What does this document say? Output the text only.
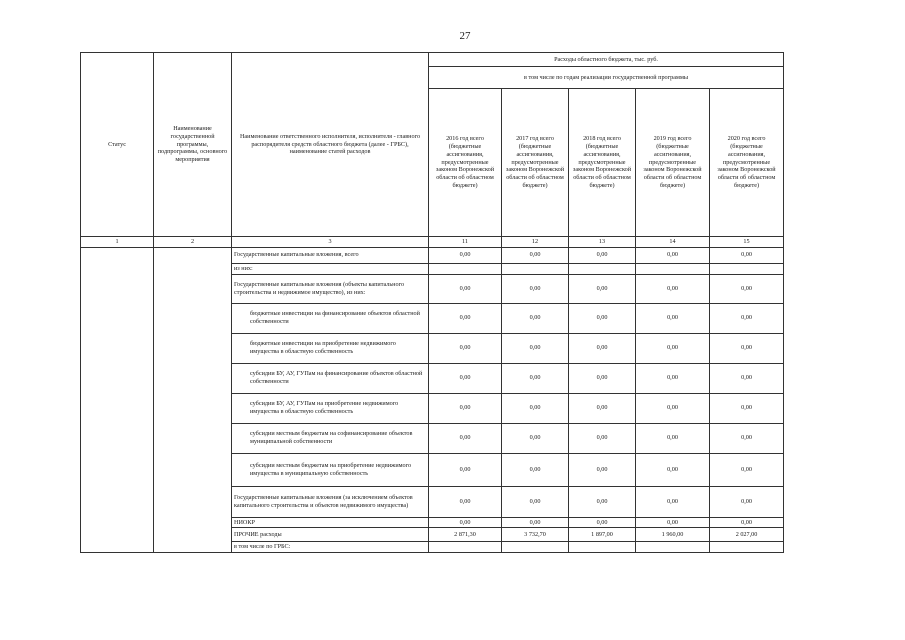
27
Статус	Наименование государственной программы, подпрограммы, основного мероприятия	Наименование ответственного исполнителя, исполнителя - главного распорядителя средств областного бюджета (далее - ГРБС), наименование статей расходов	Расходы областного бюджета, тыс. руб.				
			в том числе по годам реализации государственной программы				
			2016 год всего (бюджетные ассигнования, предусмотренные законом Воронежской области об областном бюджете)	2017 год всего (бюджетные ассигнования, предусмотренные законом Воронежской области об областном бюджете)	2018 год всего (бюджетные ассигнования, предусмотренные законом Воронежской области об областном бюджете)	2019 год всего (бюджетные ассигнования, предусмотренные законом Воронежской области об областном бюджете)	2020 год всего (бюджетные ассигнования, предусмотренные законом Воронежской области об областном бюджете)
1	2	3	11	12	13	14	15
		Государственные капитальные вложения, всего	0,00	0,00	0,00	0,00	0,00
		из них:					
		Государственные капитальные вложения (объекты капитального строительства и недвижимое имущество), из них:	0,00	0,00	0,00	0,00	0,00
		бюджетные инвестиции на финансирование объектов областной собственности	0,00	0,00	0,00	0,00	0,00
		бюджетные инвестиции на приобретение недвижимого имущества в областную собственность	0,00	0,00	0,00	0,00	0,00
		субсидии БУ, АУ, ГУПам на финансирование объектов областной собственности	0,00	0,00	0,00	0,00	0,00
		субсидии БУ, АУ, ГУПам на приобретение недвижимого имущества в областную собственность	0,00	0,00	0,00	0,00	0,00
		субсидии местным бюджетам на софинансирование объектов муниципальной собственности	0,00	0,00	0,00	0,00	0,00
		субсидии местным бюджетам на приобретение недвижимого имущества в муниципальную собственность	0,00	0,00	0,00	0,00	0,00
		Государственные капитальные вложения (за исключением объектов капитального строительства и объектов недвижимого имущества)	0,00	0,00	0,00	0,00	0,00
		НИОКР	0,00	0,00	0,00	0,00	0,00
		ПРОЧИЕ расходы	2 871,30	3 732,70	1 897,00	1 960,00	2 027,00
		в том числе по ГРБС:					
